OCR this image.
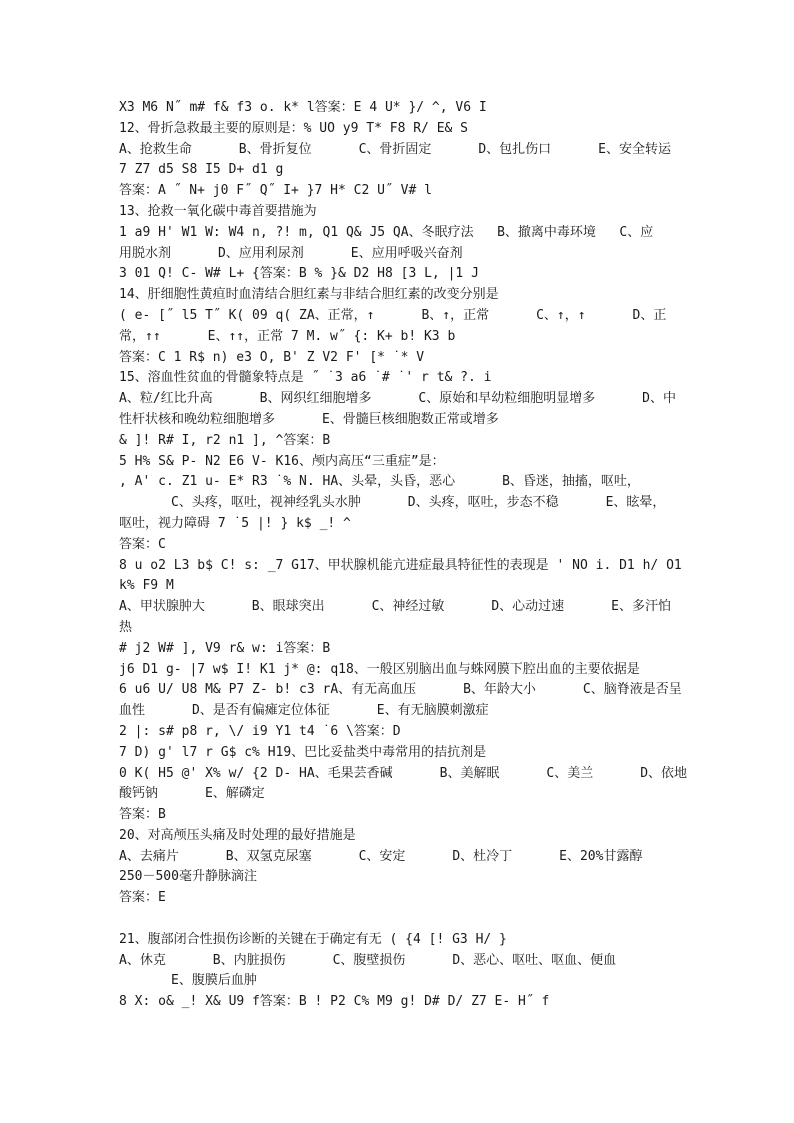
X3 M6 N˝ m# f& f3 o. k* l答案：E 4 U* }/ ^, V6 I
12、骨折急救最主要的原则是：% UO y9 T* F8 R/ E& S
A、抢救生命      B、骨折复位      C、骨折固定      D、包扎伤口      E、安全转运
7 Z7 d5 S8 I5 D+ d1 g
答案：A ˝ N+ j0 F˝ Q˝ I+ }7 H* C2 U˝ V# l
13、抢救一氧化碳中毒首要措施为
1 a9 H' W1 W: W4 n, ?! m, Q1 Q& J5 QA、冬眠疗法   B、撤离中毒环境   C、应
用脱水剂      D、应用利尿剂      E、应用呼吸兴奋剂
3 01 Q! C- W# L+ {答案：B % }& D2 H8 [3 L, |1 J
14、肝细胞性黄疸时血清结合胆红素与非结合胆红素的改变分别是
( e- [˝ l5 T˝ K( 09 q( ZA、正常，↑      B、↑，正常      C、↑，↑      D、正
常，↑↑      E、↑↑，正常 7 M. w˝ {: K+ b! K3 b
答案：C 1 R$ n) e3 O, B' Z V2 F' [* ˙* V
15、溶血性贫血的骨髓象特点是 ˝ ˙3 a6 ˙# ˙' r t& ?. i
A、粒/红比升高      B、网织红细胞增多      C、原始和早幼粒细胞明显增多      D、中
性杆状核和晚幼粒细胞增多      E、骨髓巨核细胞数正常或增多
& ]! R# I, r2 n1 ], ^答案：B
5 H% S& P- N2 E6 V- K16、颅内高压“三重症”是：
, A' c. Z1 u- E* R3 ˙% N. HA、头晕，头昏，恶心      B、昏迷，抽搐，呕吐，
C、头疼，呕吐，视神经乳头水肿      D、头疼，呕吐，步态不稳      E、眩晕，
呕吐，视力障碍 7 ˙5 |! } k$ _! ^
答案：C
8 u o2 L3 b$ C! s: _7 G17、甲状腺机能亢进症最具特征性的表现是 ' NO i. D1 h/ O1
k% F9 M
A、甲状腺肿大      B、眼球突出      C、神经过敏      D、心动过速      E、多汗怕
热
# j2 W# ], V9 r& w: i答案：B
j6 D1 g- |7 w$ I! K1 j* @: q18、一般区别脑出血与蛛网膜下腔出血的主要依据是
6 u6 U/ U8 M& P7 Z- b! c3 rA、有无高血压      B、年龄大小      C、脑脊液是否呈
血性      D、是否有偏瘫定位体征      E、有无脑膜刺激症
2 |: s# p8 r, \/ i9 Y1 t4 ˙6 \答案：D
7 D) g' l7 r G$ c% H19、巴比妥盐类中毒常用的拮抗剂是
0 K( H5 @' X% w/ {2 D- HA、毛果芸香碱      B、美解眠      C、美兰      D、依地
酸钙钠      E、解磷定
答案：B
20、对高颅压头痛及时处理的最好措施是
A、去痛片      B、双氢克尿塞      C、安定      D、杜冷丁      E、20%甘露醇
250－500毫升静脉滴注
答案：E
21、腹部闭合性损伤诊断的关键在于确定有无 ( {4 [! G3 H/ }
A、休克      B、内脏损伤      C、腹壁损伤      D、恶心、呕吐、呕血、便血
E、腹膜后血肿
8 X: o& _! X& U9 f答案：B ! P2 C% M9 g! D# D/ Z7 E- H˝ f
